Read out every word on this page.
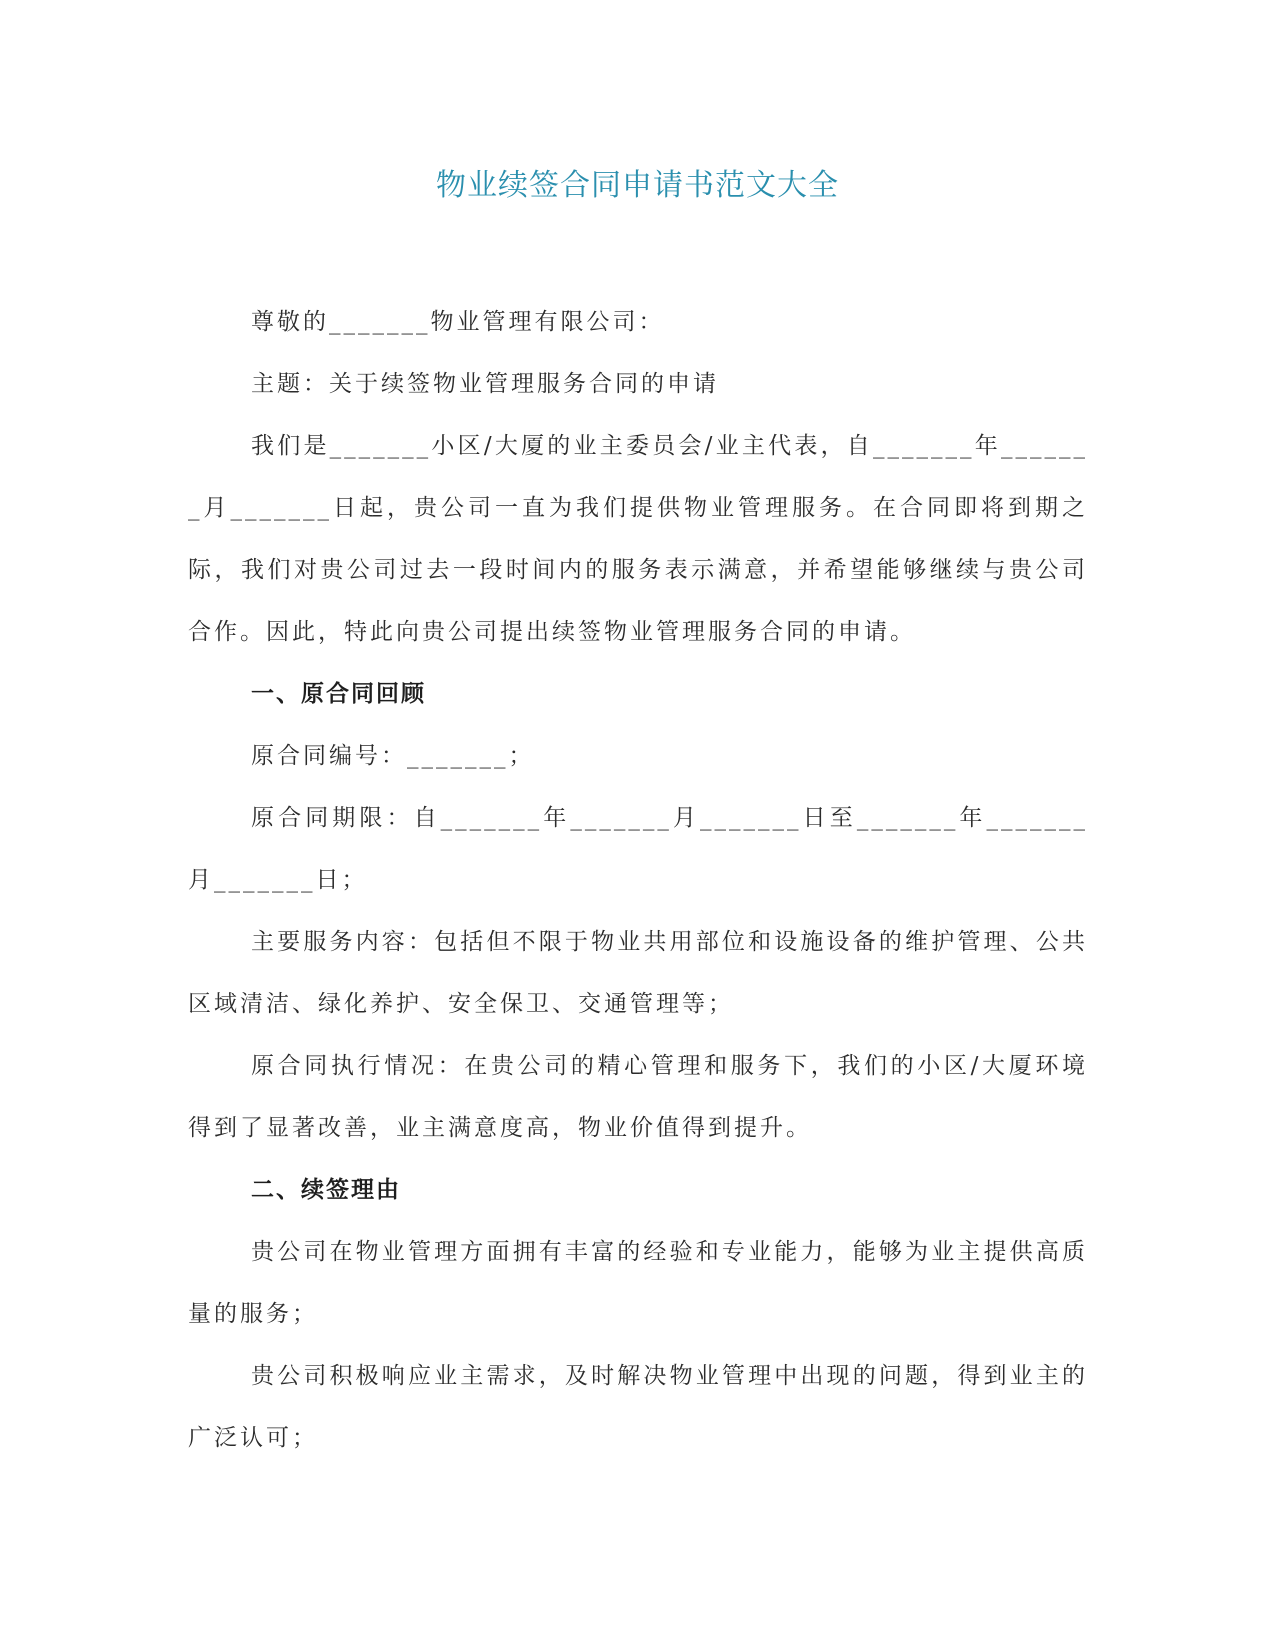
物业续签合同申请书范文大全

尊敬的_______物业管理有限公司：

主题：关于续签物业管理服务合同的申请

我们是_______小区/大厦的业主委员会/业主代表，自_______年_______月_______日起，贵公司一直为我们提供物业管理服务。在合同即将到期之际，我们对贵公司过去一段时间内的服务表示满意，并希望能够继续与贵公司合作。因此，特此向贵公司提出续签物业管理服务合同的申请。

一、原合同回顾

原合同编号：_______；

原合同期限：自_______年_______月_______日至_______年_______月_______日；

主要服务内容：包括但不限于物业共用部位和设施设备的维护管理、公共区域清洁、绿化养护、安全保卫、交通管理等；

原合同执行情况：在贵公司的精心管理和服务下，我们的小区/大厦环境得到了显著改善，业主满意度高，物业价值得到提升。

二、续签理由

贵公司在物业管理方面拥有丰富的经验和专业能力，能够为业主提供高质量的服务；

贵公司积极响应业主需求，及时解决物业管理中出现的问题，得到业主的广泛认可；
